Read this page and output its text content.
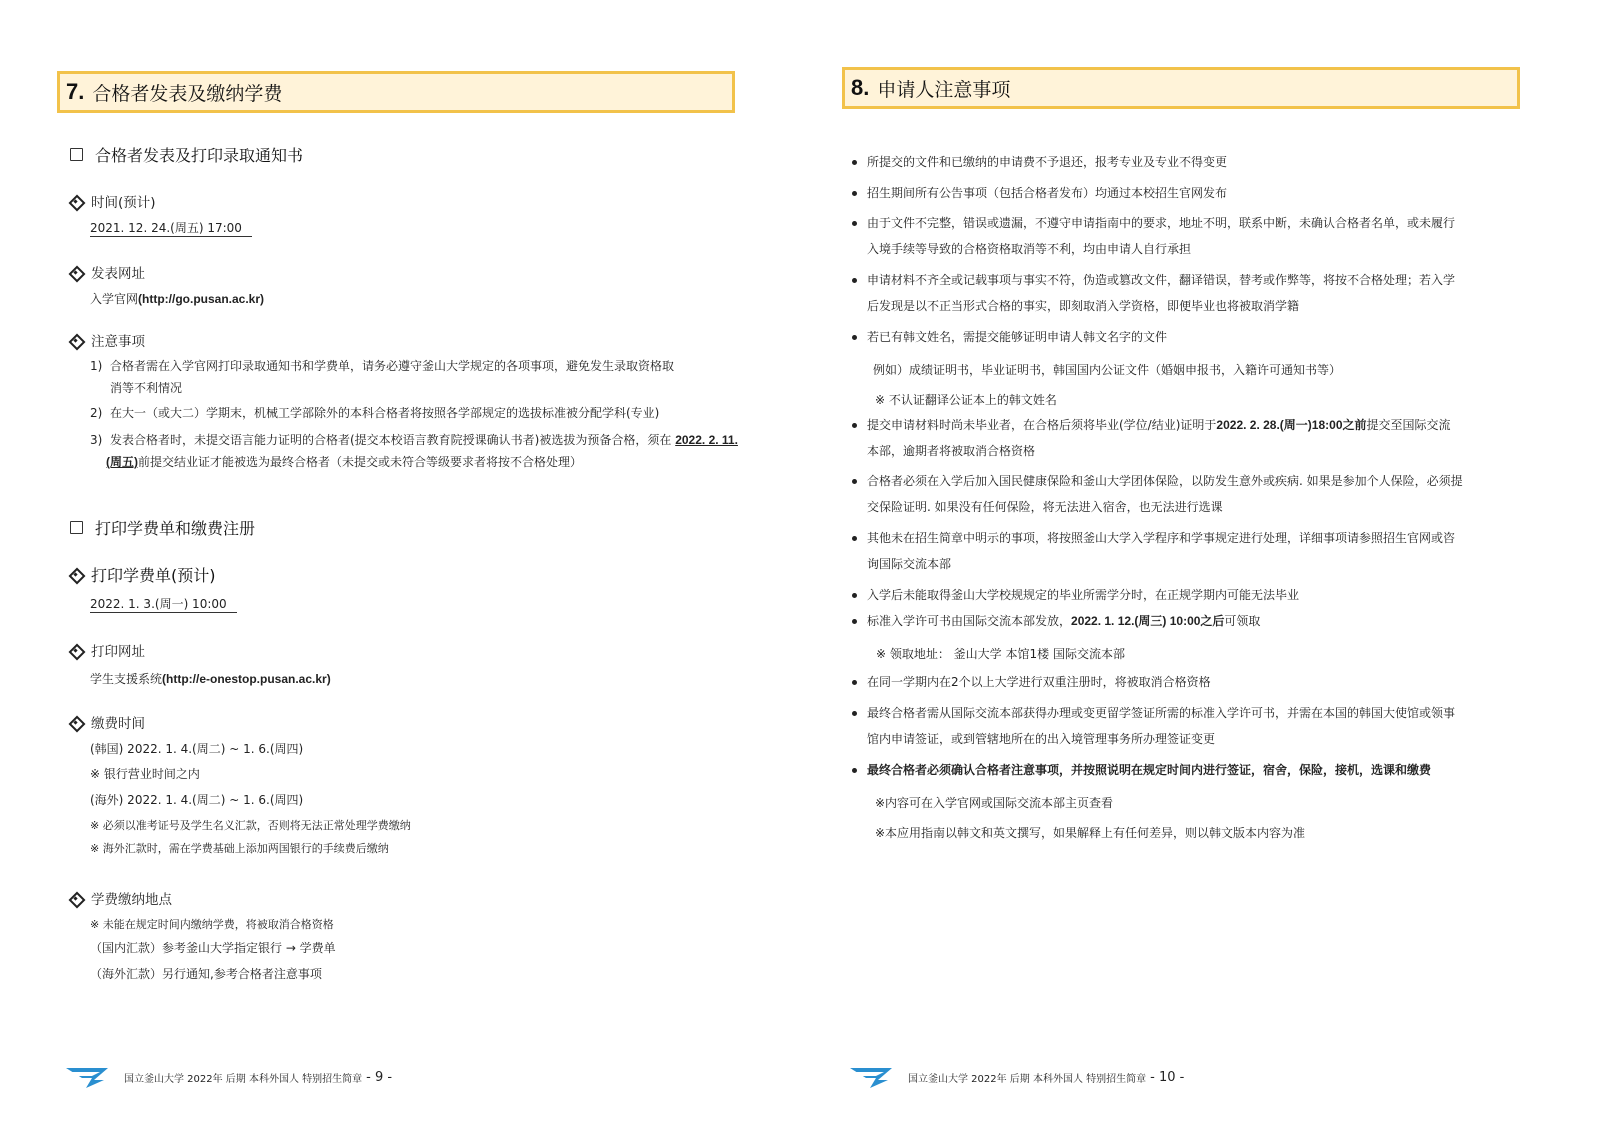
7. 合格者发表及缴纳学费
合格者发表及打印录取通知书
时间(预计)
2021. 12. 24.(周五) 17:00
发表网址
入学官网(http://go.pusan.ac.kr)
注意事项
1) 合格者需在入学官网打印录取通知书和学费单，请务必遵守釜山大学规定的各项事项，避免发生录取资格取
消等不利情况
2) 在大一（或大二）学期末，机械工学部除外的本科合格者将按照各学部规定的选拔标准被分配学科(专业)
3) 发表合格者时，未提交语言能力证明的合格者(提交本校语言教育院授课确认书者)被选拔为预备合格，须在 2022. 2. 11.
(周五)前提交结业证才能被选为最终合格者（未提交或未符合等级要求者将按不合格处理）
打印学费单和缴费注册
打印学费单(预计)
2022. 1. 3.(周一) 10:00
打印网址
学生支援系统(http://e-onestop.pusan.ac.kr)
缴费时间
(韩国) 2022. 1. 4.(周二) ~ 1. 6.(周四)
※ 银行营业时间之内
(海外) 2022. 1. 4.(周二) ~ 1. 6.(周四)
※ 必须以准考证号及学生名义汇款，否则将无法正常处理学费缴纳
※ 海外汇款时，需在学费基础上添加两国银行的手续费后缴纳
学费缴纳地点
※ 未能在规定时间内缴纳学费，将被取消合格资格
（国内汇款）参考釜山大学指定银行 → 学费单
（海外汇款）另行通知,参考合格者注意事项
国立釜山大学 2022年 后期 本科外国人 特别招生简章 - 9 -
8. 申请人注意事项
所提交的文件和已缴纳的申请费不予退还，报考专业及专业不得变更
招生期间所有公告事项（包括合格者发布）均通过本校招生官网发布
由于文件不完整，错误或遗漏，不遵守申请指南中的要求，地址不明，联系中断，未确认合格者名单，或未履行
入境手续等导致的合格资格取消等不利，均由申请人自行承担
申请材料不齐全或记载事项与事实不符，伪造或篡改文件，翻译错误，替考或作弊等，将按不合格处理；若入学
后发现是以不正当形式合格的事实，即刻取消入学资格，即便毕业也将被取消学籍
若已有韩文姓名，需提交能够证明申请人韩文名字的文件
例如）成绩证明书，毕业证明书，韩国国内公证文件（婚姻申报书，入籍许可通知书等）
※ 不认证翻译公证本上的韩文姓名
提交申请材料时尚未毕业者，在合格后须将毕业(学位/结业)证明于2022. 2. 28.(周一)18:00之前提交至国际交流
本部，逾期者将被取消合格资格
合格者必须在入学后加入国民健康保险和釜山大学团体保险，以防发生意外或疾病. 如果是参加个人保险，必须提
交保险证明. 如果没有任何保险，将无法进入宿舍，也无法进行选课
其他未在招生简章中明示的事项，将按照釜山大学入学程序和学事规定进行处理，详细事项请参照招生官网或咨
询国际交流本部
入学后未能取得釜山大学校规规定的毕业所需学分时，在正规学期内可能无法毕业
标准入学许可书由国际交流本部发放，2022. 1. 12.(周三) 10:00之后可领取
※ 领取地址： 釜山大学 本馆1楼 国际交流本部
在同一学期内在2个以上大学进行双重注册时，将被取消合格资格
最终合格者需从国际交流本部获得办理或变更留学签证所需的标准入学许可书，并需在本国的韩国大使馆或领事
馆内申请签证，或到管辖地所在的出入境管理事务所办理签证变更
最终合格者必须确认合格者注意事项，并按照说明在规定时间内进行签证，宿舍，保险，接机，选课和缴费
※内容可在入学官网或国际交流本部主页查看
※本应用指南以韩文和英文撰写，如果解释上有任何差异，则以韩文版本内容为准
国立釜山大学 2022年 后期 本科外国人 特别招生简章 - 10 -
